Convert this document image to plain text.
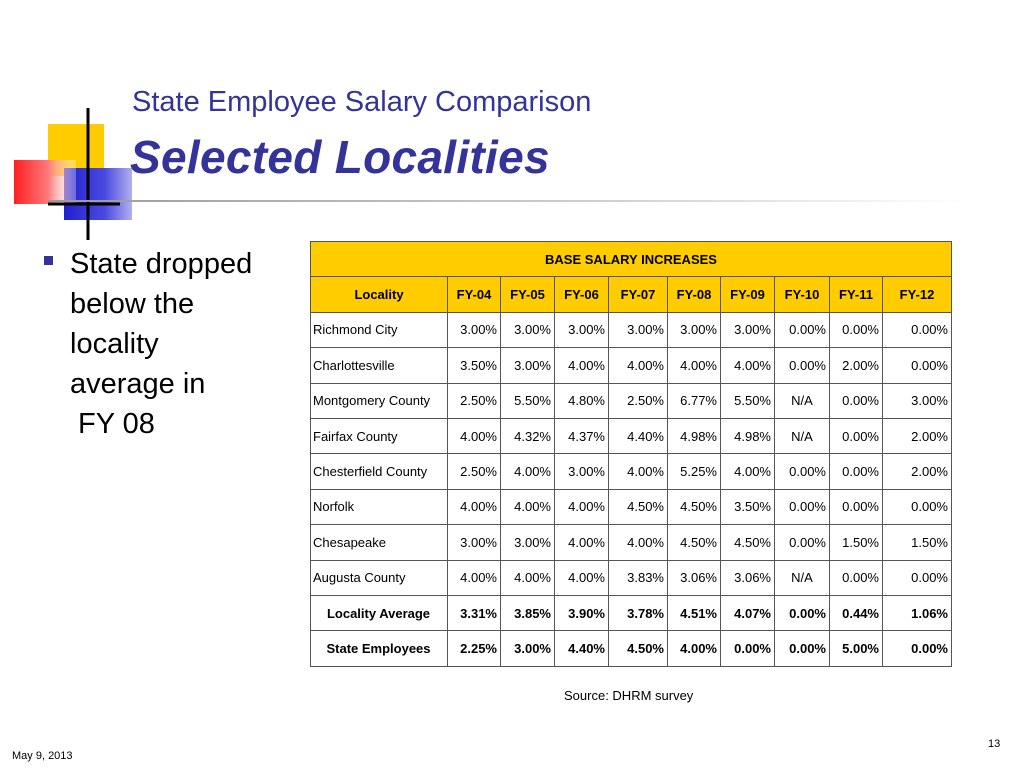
State Employee Salary Comparison
Selected Localities
State dropped
below the
locality
average in
FY 08
BASE SALARY INCREASES									
Locality	FY-04	FY-05	FY-06	FY-07	FY-08	FY-09	FY-10	FY-11	FY-12
Richmond City	3.00%	3.00%	3.00%	3.00%	3.00%	3.00%	0.00%	0.00%	0.00%
Charlottesville	3.50%	3.00%	4.00%	4.00%	4.00%	4.00%	0.00%	2.00%	0.00%
Montgomery County	2.50%	5.50%	4.80%	2.50%	6.77%	5.50%	N/A	0.00%	3.00%
Fairfax County	4.00%	4.32%	4.37%	4.40%	4.98%	4.98%	N/A	0.00%	2.00%
Chesterfield County	2.50%	4.00%	3.00%	4.00%	5.25%	4.00%	0.00%	0.00%	2.00%
Norfolk	4.00%	4.00%	4.00%	4.50%	4.50%	3.50%	0.00%	0.00%	0.00%
Chesapeake	3.00%	3.00%	4.00%	4.00%	4.50%	4.50%	0.00%	1.50%	1.50%
Augusta County	4.00%	4.00%	4.00%	3.83%	3.06%	3.06%	N/A	0.00%	0.00%
Locality Average	3.31%	3.85%	3.90%	3.78%	4.51%	4.07%	0.00%	0.44%	1.06%
State Employees	2.25%	3.00%	4.40%	4.50%	4.00%	0.00%	0.00%	5.00%	0.00%
Source: DHRM survey
May 9, 2013
13
